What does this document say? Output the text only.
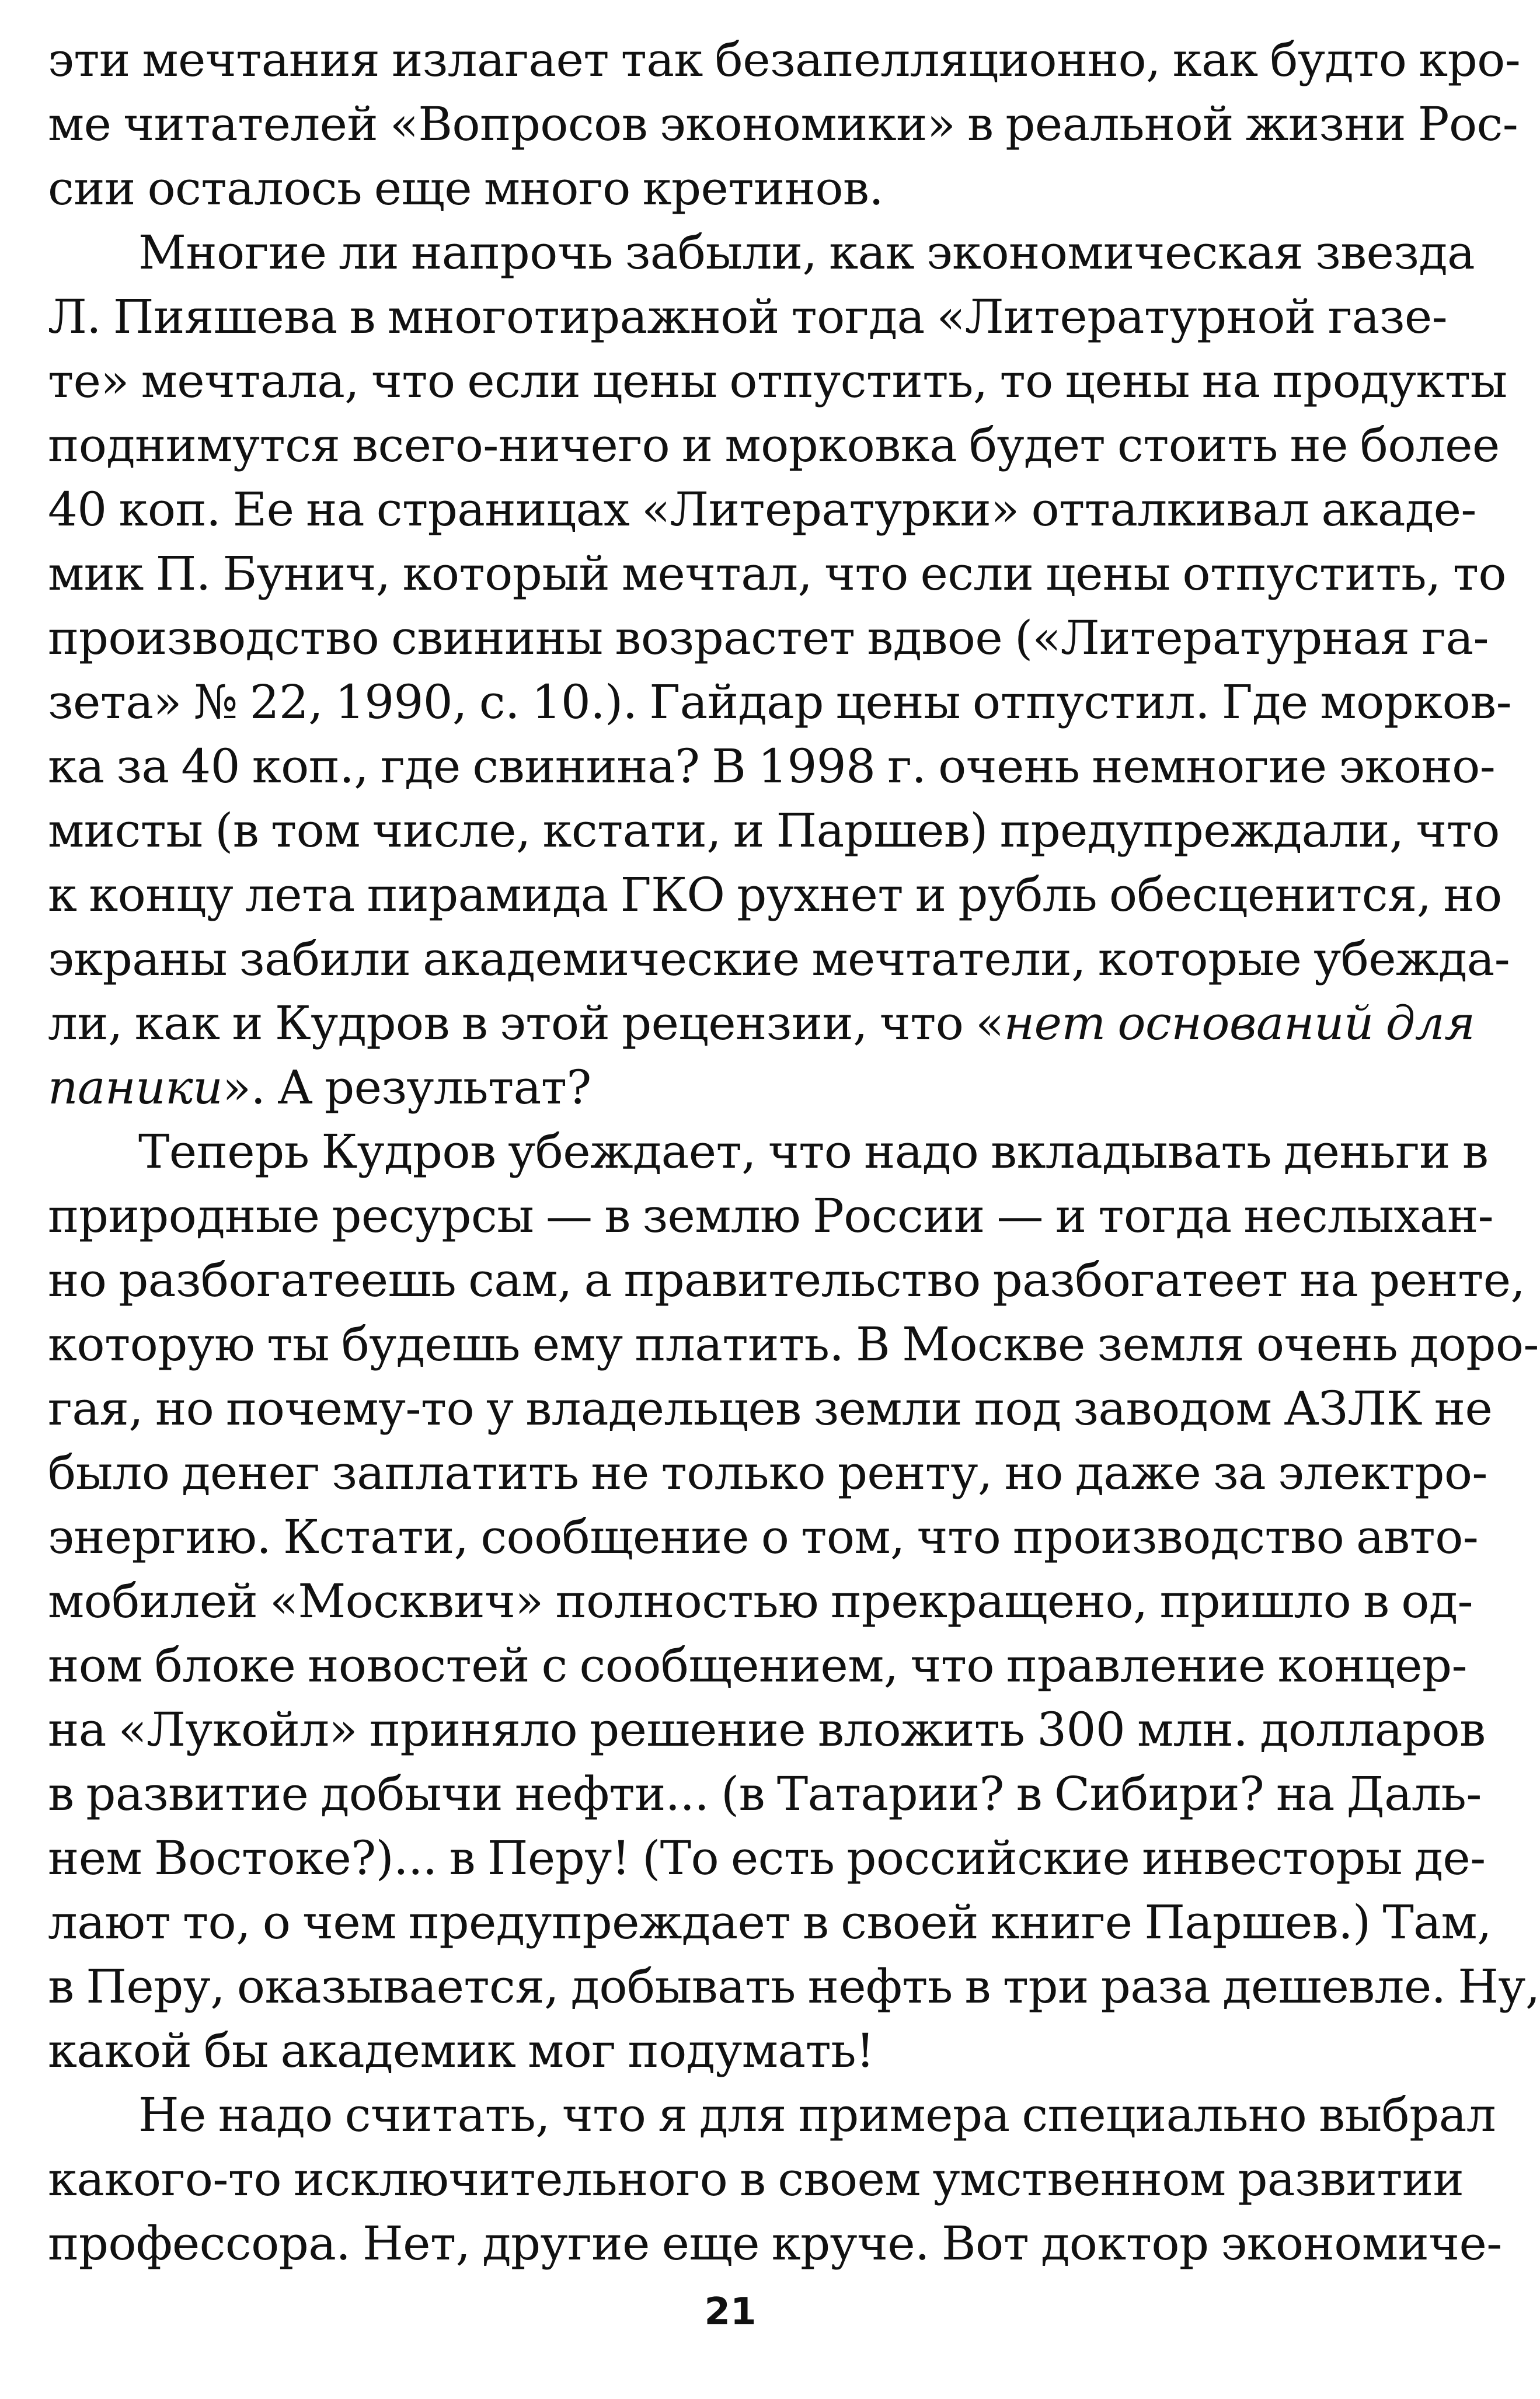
эти мечтания излагает так безапелляционно, как будто кро-
ме читателей «Вопросов экономики» в реальной жизни Рос-
сии осталось еще много кретинов.

Многие ли напрочь забыли, как экономическая звезда
Л. Пияшева в многотиражной тогда «Литературной газе-
те» мечтала, что если цены отпустить, то цены на продукты
поднимутся всего-ничего и морковка будет стоить не более
40 коп. Ее на страницах «Литературки» отталкивал акаде-
мик П. Бунич, который мечтал, что если цены отпустить, то
производство свинины возрастет вдвое («Литературная га-
зета» № 22, 1990, с. 10.). Гайдар цены отпустил. Где морков-
ка за 40 коп., где свинина? В 1998 г. очень немногие эконо-
мисты (в том числе, кстати, и Паршев) предупреждали, что
к концу лета пирамида ГКО рухнет и рубль обесценится, но
экраны забили академические мечтатели, которые убежда-
ли, как и Кудров в этой рецензии, что «нет оснований для
паники». А результат?

Теперь Кудров убеждает, что надо вкладывать деньги в
природные ресурсы — в землю России — и тогда неслыхан-
но разбогатеешь сам, а правительство разбогатеет на ренте,
которую ты будешь ему платить. В Москве земля очень доро-
гая, но почему-то у владельцев земли под заводом АЗЛК не
было денег заплатить не только ренту, но даже за электро-
энергию. Кстати, сообщение о том, что производство авто-
мобилей «Москвич» полностью прекращено, пришло в од-
ном блоке новостей с сообщением, что правление концер-
на «Лукойл» приняло решение вложить 300 млн. долларов
в развитие добычи нефти... (в Татарии? в Сибири? на Даль-
нем Востоке?)... в Перу! (То есть российские инвесторы де-
лают то, о чем предупреждает в своей книге Паршев.) Там,
в Перу, оказывается, добывать нефть в три раза дешевле. Ну,
какой бы академик мог подумать!

Не надо считать, что я для примера специально выбрал
какого-то исключительного в своем умственном развитии
профессора. Нет, другие еще круче. Вот доктор экономиче-

21
